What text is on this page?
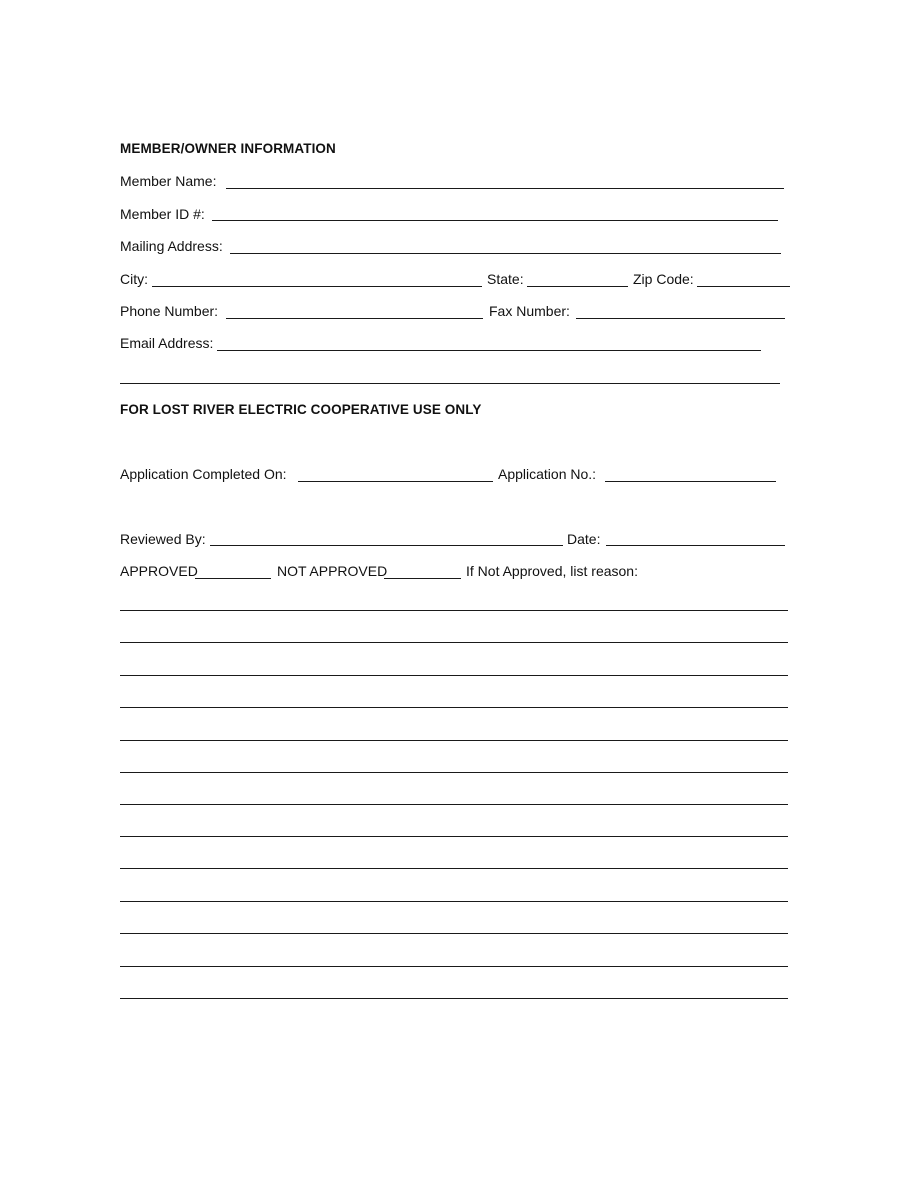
MEMBER/OWNER INFORMATION
Member Name:
Member ID #:
Mailing Address:
City:	State:	Zip Code:
Phone Number:	Fax Number:
Email Address:
FOR LOST RIVER ELECTRIC COOPERATIVE USE ONLY
Application Completed On:	Application No.:
Reviewed By:	Date:
APPROVED	NOT APPROVED	If Not Approved, list reason:
